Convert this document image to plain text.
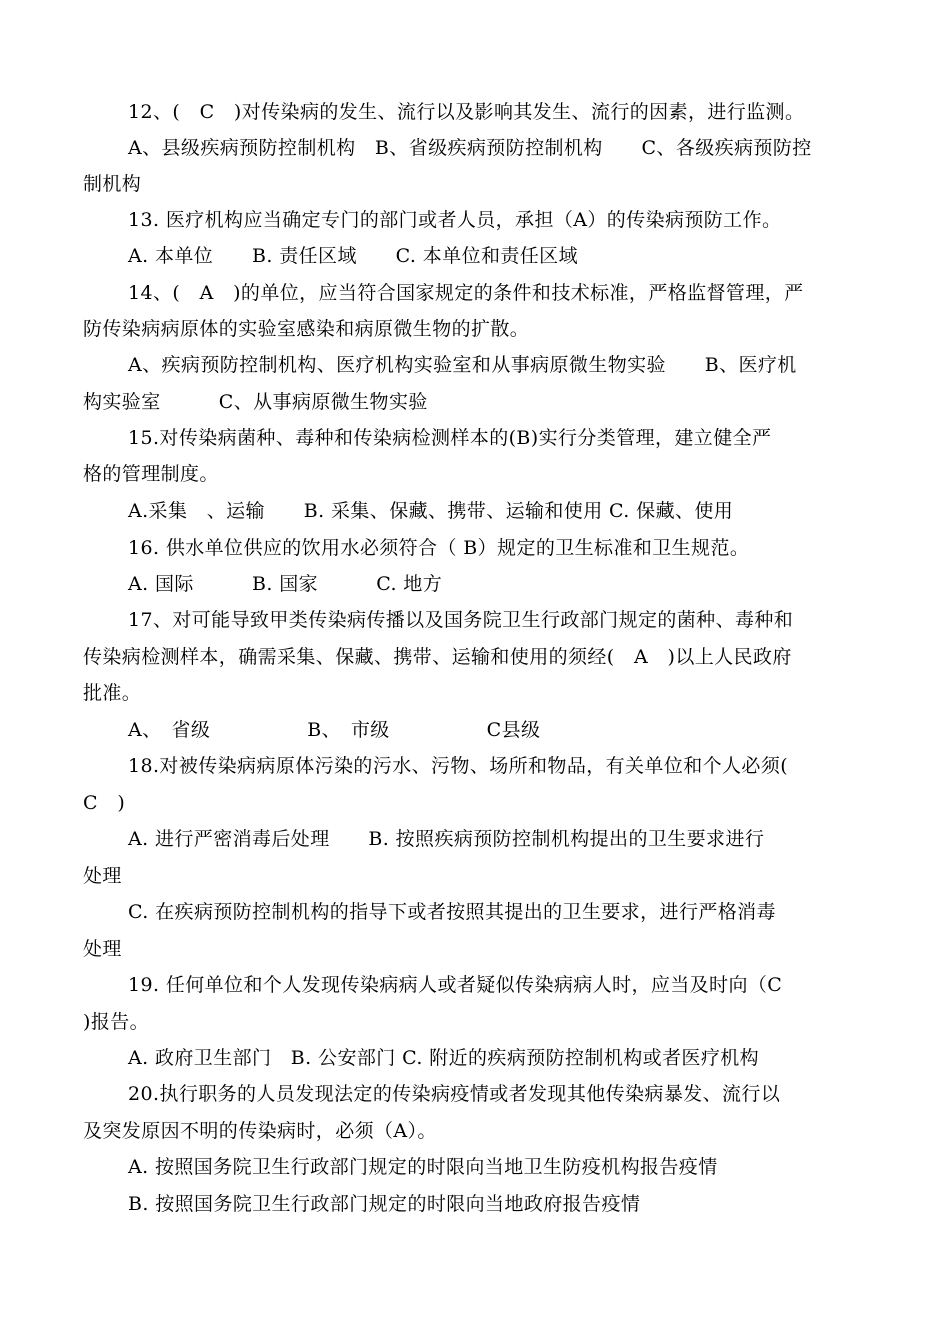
12、(　C　)对传染病的发生、流行以及影响其发生、流行的因素，进行监测。
A、县级疾病预防控制机构　B、省级疾病预防控制机构　　C、各级疾病预防控
制机构
13. 医疗机构应当确定专门的部门或者人员，承担（A）的传染病预防工作。
A. 本单位　　B. 责任区域　　C. 本单位和责任区域
14、(　A　)的单位，应当符合国家规定的条件和技术标准，严格监督管理，严
防传染病病原体的实验室感染和病原微生物的扩散。
A、疾病预防控制机构、医疗机构实验室和从事病原微生物实验　　B、医疗机
构实验室　　　C、从事病原微生物实验
15.对传染病菌种、毒种和传染病检测样本的(B)实行分类管理，建立健全严
格的管理制度。
A.采集　、运输　　B. 采集、保藏、携带、运输和使用 C. 保藏、使用
16. 供水单位供应的饮用水必须符合（ B）规定的卫生标准和卫生规范。
A. 国际　　　B. 国家　　　C. 地方
17、对可能导致甲类传染病传播以及国务院卫生行政部门规定的菌种、毒种和
传染病检测样本，确需采集、保藏、携带、运输和使用的须经(　A　)以上人民政府
批准。
A、　省级　　　　　B、　市级　　　　　C县级
18.对被传染病病原体污染的污水、污物、场所和物品，有关单位和个人必须(
C　)
A. 进行严密消毒后处理　　B. 按照疾病预防控制机构提出的卫生要求进行
处理
C. 在疾病预防控制机构的指导下或者按照其提出的卫生要求，进行严格消毒
处理
19. 任何单位和个人发现传染病病人或者疑似传染病病人时，应当及时向（C
)报告。
A. 政府卫生部门　B. 公安部门 C. 附近的疾病预防控制机构或者医疗机构
20.执行职务的人员发现法定的传染病疫情或者发现其他传染病暴发、流行以
及突发原因不明的传染病时，必须（A）。
A. 按照国务院卫生行政部门规定的时限向当地卫生防疫机构报告疫情
B. 按照国务院卫生行政部门规定的时限向当地政府报告疫情
